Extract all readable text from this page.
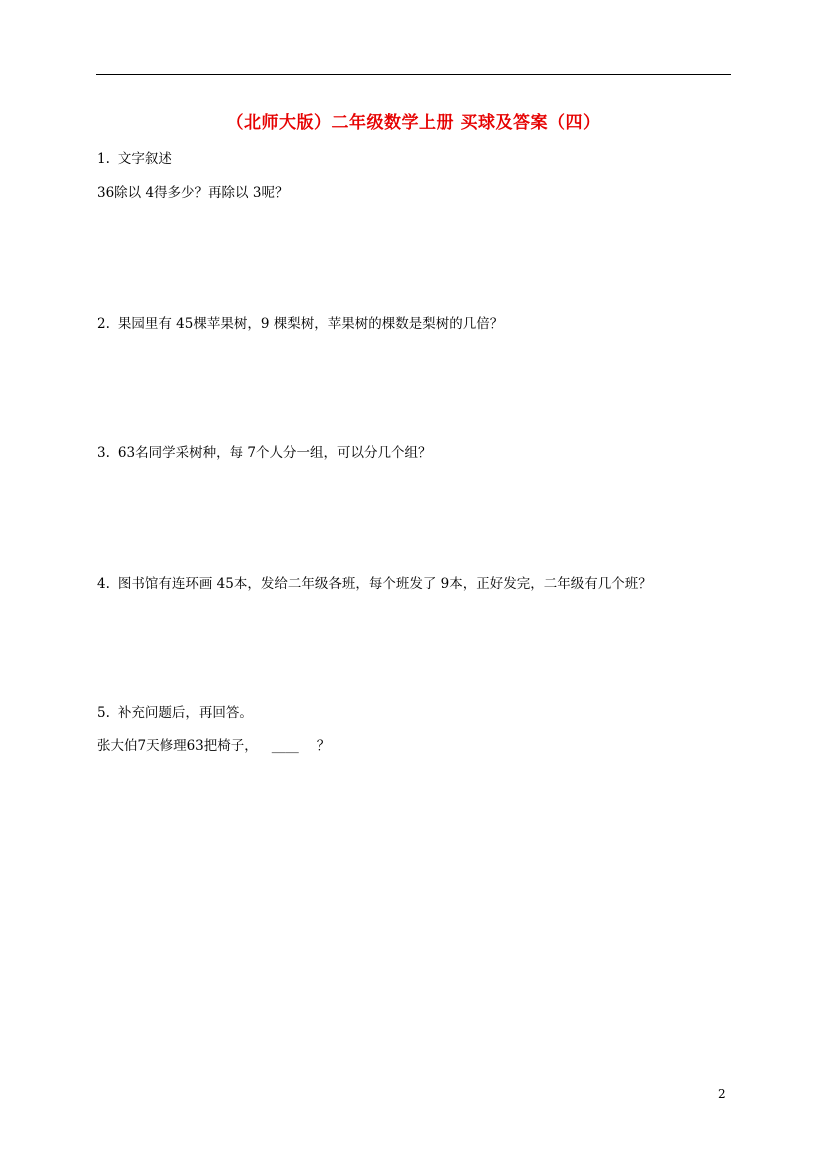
（北师大版）二年级数学上册 买球及答案（四）
1. 文字叙述
36除以 4得多少？再除以 3呢？
2. 果园里有 45棵苹果树，9 棵梨树，苹果树的棵数是梨树的几倍？
3. 63名同学采树种，每 7个人分一组，可以分几个组？
4. 图书馆有连环画 45本，发给二年级各班，每个班发了 9本，正好发完，二年级有几个班？
5. 补充问题后，再回答。
张大伯7天修理63把椅子， ____ ？
2
